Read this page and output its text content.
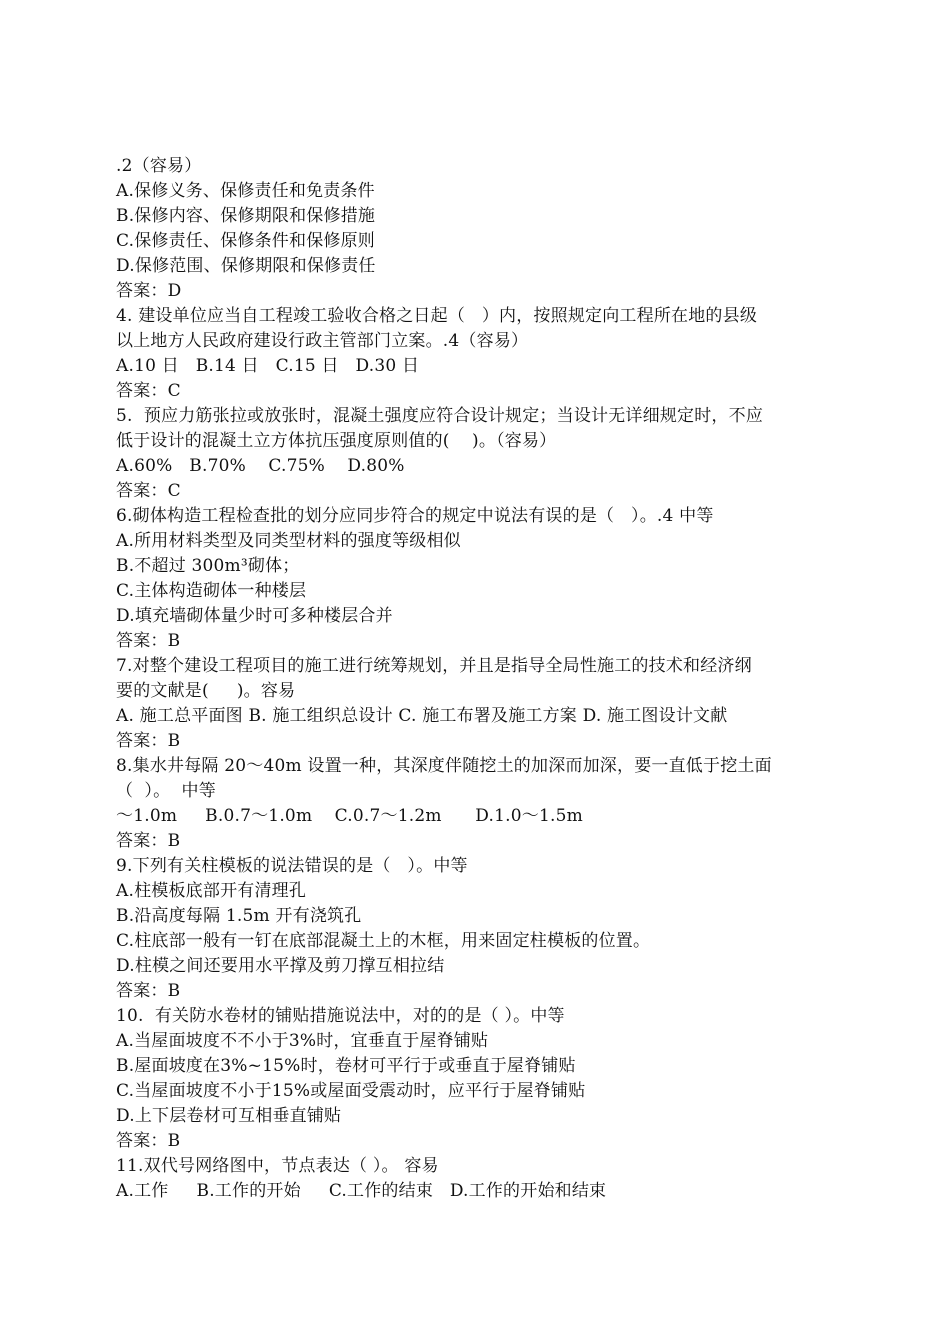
.2（容易）
A.保修义务、保修责任和免责条件
B.保修内容、保修期限和保修措施
C.保修责任、保修条件和保修原则
D.保修范围、保修期限和保修责任
答案：D
4. 建设单位应当自工程竣工验收合格之日起（   ）内，按照规定向工程所在地的县级
以上地方人民政府建设行政主管部门立案。.4（容易）
A.10 日   B.14 日   C.15 日   D.30 日
答案：C
5.  预应力筋张拉或放张时，混凝土强度应符合设计规定；当设计无详细规定时，不应
低于设计的混凝土立方体抗压强度原则值的(    )。（容易）
A.60%   B.70%    C.75%    D.80%
答案：C
6.砌体构造工程检查批的划分应同步符合的规定中说法有误的是（   ）。.4 中等
A.所用材料类型及同类型材料的强度等级相似
B.不超过 300m³砌体；
C.主体构造砌体一种楼层
D.填充墙砌体量少时可多种楼层合并
答案：B
7.对整个建设工程项目的施工进行统筹规划，并且是指导全局性施工的技术和经济纲
要的文献是(     )。容易
A. 施工总平面图 B. 施工组织总设计 C. 施工布署及施工方案 D. 施工图设计文献
答案：B
8.集水井每隔 20～40m 设置一种，其深度伴随挖土的加深而加深，要一直低于挖土面
（  ）。  中等
～1.0m     B.0.7～1.0m    C.0.7～1.2m      D.1.0～1.5m
答案：B
9.下列有关柱模板的说法错误的是（   ）。中等
A.柱模板底部开有清理孔
B.沿高度每隔 1.5m 开有浇筑孔
C.柱底部一般有一钉在底部混凝土上的木框，用来固定柱模板的位置。
D.柱模之间还要用水平撑及剪刀撑互相拉结
答案：B
10.  有关防水卷材的铺贴措施说法中，对的的是（ ）。中等
A.当屋面坡度不不小于3%时，宜垂直于屋脊铺贴
B.屋面坡度在3%~15%时，卷材可平行于或垂直于屋脊铺贴
C.当屋面坡度不小于15%或屋面受震动时，应平行于屋脊铺贴
D.上下层卷材可互相垂直铺贴
答案：B
11.双代号网络图中，节点表达（ ）。 容易
A.工作     B.工作的开始     C.工作的结束   D.工作的开始和结束
